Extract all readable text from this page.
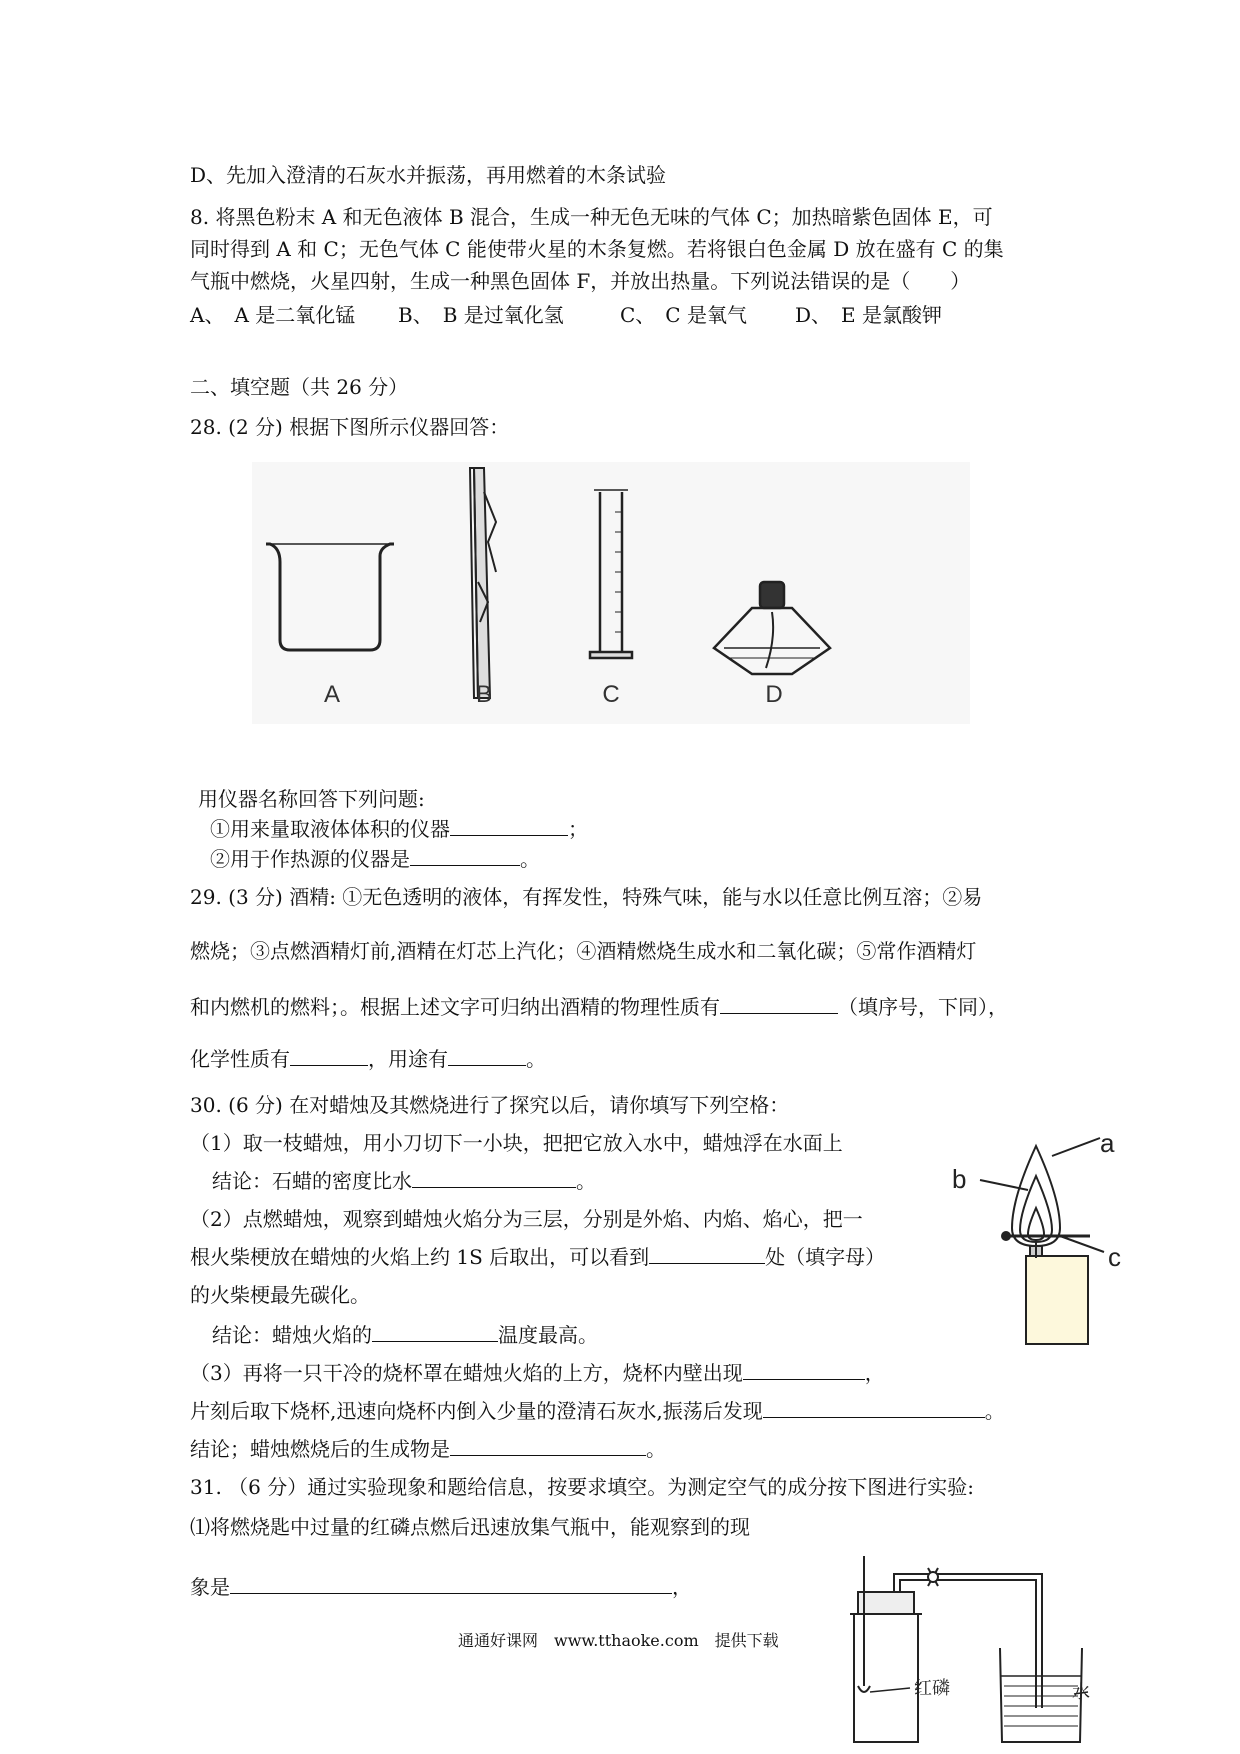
D、先加入澄清的石灰水并振荡，再用燃着的木条试验
8. 将黑色粉末 A 和无色液体 B 混合，生成一种无色无味的气体 C；加热暗紫色固体 E，可
同时得到 A 和 C；无色气体 C 能使带火星的木条复燃。若将银白色金属 D 放在盛有 C 的集
气瓶中燃烧，火星四射，生成一种黑色固体 F，并放出热量。下列说法错误的是（　　）
A、　A 是二氧化锰 B、　B 是过氧化氢	C、　C 是氧气 D、　E 是氯酸钾
二、填空题（共 26 分）
28. (2 分) 根据下图所示仪器回答：
A	B	C	D
用仪器名称回答下列问题:
①用来量取液体体积的仪器	；
②用于作热源的仪器是	。
29. (3 分) 酒精: ①无色透明的液体，有挥发性，特殊气味，能与水以任意比例互溶；②易
燃烧；③点燃酒精灯前,酒精在灯芯上汽化；④酒精燃烧生成水和二氧化碳；⑤常作酒精灯
和内燃机的燃料；。根据上述文字可归纳出酒精的物理性质有	（填序号，下同），
化学性质有	，用途有	。
30. (6 分) 在对蜡烛及其燃烧进行了探究以后，请你填写下列空格：
（1）取一枝蜡烛，用小刀切下一小块，把把它放入水中，蜡烛浮在水面上
结论：石蜡的密度比水	。
（2）点燃蜡烛，观察到蜡烛火焰分为三层，分别是外焰、内焰、焰心，把一
根火柴梗放在蜡烛的火焰上约 1S 后取出，可以看到	处（填字母）
的火柴梗最先碳化。
结论：蜡烛火焰的	温度最高。
（3）再将一只干冷的烧杯罩在蜡烛火焰的上方，烧杯内壁出现	，
片刻后取下烧杯,迅速向烧杯内倒入少量的澄清石灰水,振荡后发现	。
结论；蜡烛燃烧后的生成物是	。
a
b
c
31. （6 分）通过实验现象和题给信息，按要求填空。为测定空气的成分按下图进行实验:
⑴将燃烧匙中过量的红磷点燃后迅速放集气瓶中，能观察到的现
象是	，
红磷	水
通通好课网　www.tthaoke.com　提供下载
